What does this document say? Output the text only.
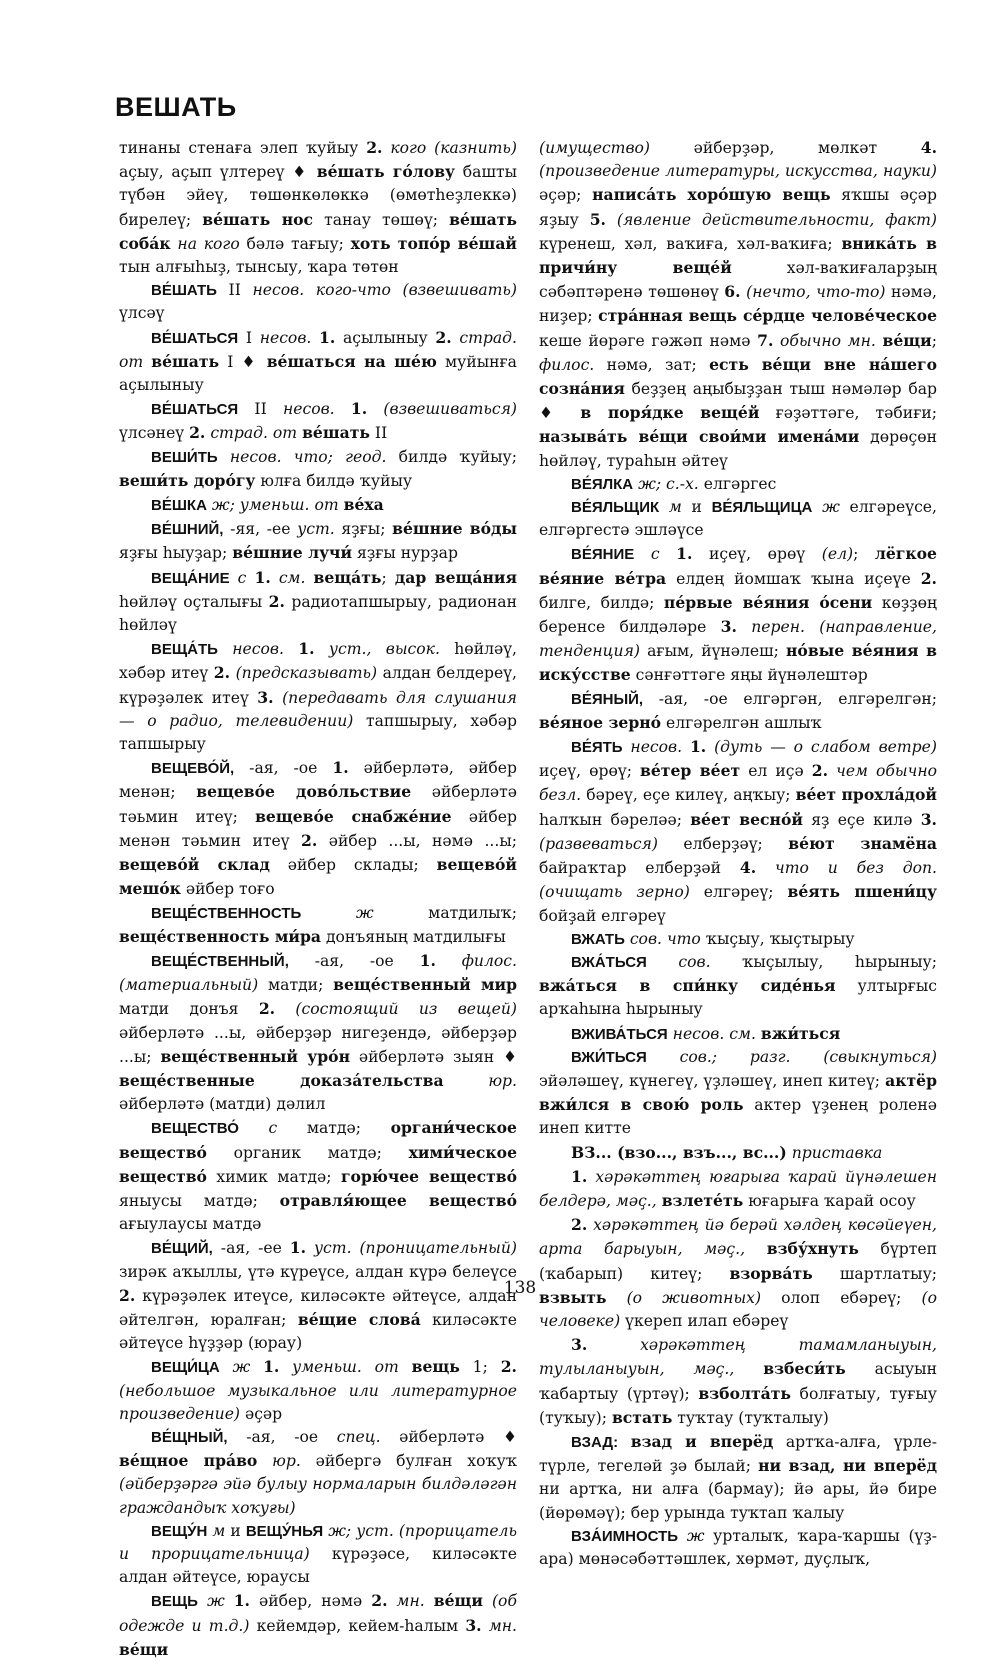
ВЕШАТЬ

тинаны стенаға элеп ҡуйыу 2. кого (казнить) аҫыу, аҫып үлтереү ♦ ве́шать го́лову башты түбән эйеү, төшөнкөлөккә (өмөтһеҙлеккә) бирелеү; ве́шать нос танау төшөү; ве́шать соба́к на кого бәлә тағыу; хоть топо́р ве́шай тын алғыһыҙ, тынсыу, ҡара төтөн

ВЕ́ШАТЬ II несов. кого-что (взвешивать) үлсәү

ВЕ́ШАТЬСЯ I несов. 1. аҫылыныу 2. страд. от ве́шать I ♦ ве́шаться на ше́ю муйынға аҫылыныу

ВЕ́ШАТЬСЯ II несов. 1. (взвешиваться) үлсәнеү 2. страд. от ве́шать II

ВЕШИ́ТЬ несов. что; геод. билдә ҡуйыу; веши́ть доро́гу юлға билдә ҡуйыу

ВЕ́ШКА ж; уменьш. от ве́ха

ВЕ́ШНИЙ, -яя, -ее уст. яҙғы; ве́шние во́ды яҙғы һыуҙар; ве́шние лучи́ яҙғы нурҙар

ВЕЩА́НИЕ с 1. см. веща́ть; дар веща́ния һөйләү оҫталығы 2. радиотапшырыу, радионан һөйләү

ВЕЩА́ТЬ несов. 1. уст., высок. һөйләү, хәбәр итеү 2. (предсказывать) алдан белдереү, күрәҙәлек итеү 3. (передавать для слушания — о радио, телевидении) тапшырыу, хәбәр тапшырыу

ВЕЩЕВО́Й, -ая, -ое 1. әйберләтә, әйбер менән; вещево́е дово́льствие әйберләтә тәьмин итеү; вещево́е снабже́ние әйбер менән тәьмин итеү 2. әйбер ...ы, нәмә ...ы; вещево́й склад әйбер склады; вещево́й мешо́к әйбер тоғо

ВЕЩЕ́СТВЕННОСТЬ	ж матдилыҡ; веще́ственность ми́ра донъяның матдилығы

ВЕЩЕ́СТВЕННЫЙ, -ая, -ое 1. филос. (материальный) матди; веще́ственный мир матди донъя 2. (состоящий из вещей) әйберләтә ...ы, әйберҙәр нигеҙендә, әйберҙәр ...ы; веще́ственный уро́н әйберләтә зыян ♦ веще́ственные доказа́тельства	юр. әйберләтә (матди) дәлил

ВЕЩЕСТВО́ с матдә; органи́ческое вещество́ органик матдә; хими́ческое вещество́ химик матдә; горю́чее вещество́ яныусы матдә; отравля́ющее вещество́ ағыулаусы матдә

ВЕ́ЩИЙ, -ая, -ее 1. уст. (проницательный) зирәк аҡыллы, үтә күреүсе, алдан күрә белеүсе 2. күрәҙәлек итеүсе, киләсәкте әйтеүсе, алдан әйтелгән, юралған; ве́щие слова́ киләсәкте әйтеүсе һүҙҙәр (юрау)

ВЕЩИ́ЦА ж 1. уменьш. от вещь 1; 2. (небольшое музыкальное или литературное произведение) әҫәр

ВЕ́ЩНЫЙ, -ая, -ое спец. әйберләтә ♦ ве́щное пра́во юр. әйбергә булған хоҡуҡ (әйберҙәргә эйә булыу нормаларын билдәләгән граждандыҡ хоҡуғы)

ВЕЩУ́Н м и ВЕЩУ́НЬЯ ж; уст. (прорицатель и прорицательница) күрәҙәсе, киләсәкте алдан әйтеүсе, юраусы

ВЕЩЬ ж 1. әйбер, нәмә 2. мн. ве́щи (об одежде и т.д.) кейемдәр, кейем-һалым 3. мн. ве́щи

(имущество) әйберҙәр, мөлкәт 4. (произведение литературы, искусства, науки) әҫәр; написа́ть хоро́шую вещь яҡшы әҫәр яҙыу 5. (явление действительности, факт) күренеш, хәл, ваҡиға, хәл-ваҡиға; вника́ть в причи́ну веще́й хәл-ваҡиғаларҙың сәбәптәренә төшөнөү 6. (нечто, что-то) нәмә, ниҙер; стра́нная вещь се́рдце челове́ческое кеше йөрәге гәжәп нәмә 7. обычно мн. ве́щи; филос. нәмә, зат; есть ве́щи вне на́шего созна́ния беҙҙең аңыбыҙҙан тыш нәмәләр бар ♦ в поря́дке веще́й ғәҙәттәге, тәбиғи; называ́ть ве́щи свои́ми имена́ми дөрөҫөн һөйләү, тураһын әйтеү

ВЕ́ЯЛКА ж; с.-х. елгәргес

ВЕ́ЯЛЬЩИК м и ВЕ́ЯЛЬЩИЦА ж елгәреүсе, елгәргестә эшләүсе

ВЕ́ЯНИЕ с 1. иҫеү, өрөү (ел); лёгкое ве́яние ве́тра елдең йомшаҡ ҡына иҫеүе 2. билге, билдә; пе́рвые ве́яния о́сени көҙҙөң беренсе билдәләре 3. перен. (направление, тенденция) ағым, йүнәлеш; но́вые ве́яния в иску́сстве сәнғәттәге яңы йүнәлештәр

ВЕ́ЯНЫЙ, -ая, -ое елгәргән, елгәрелгән; ве́яное зерно́ елгәрелгән ашлыҡ

ВЕ́ЯТЬ несов. 1. (дуть — о слабом ветре) иҫеү, өрөү; ве́тер ве́ет ел иҫә 2. чем обычно безл. бәреү, еҫе килеү, аңҡыу; ве́ет прохла́дой һалҡын бәреләә; ве́ет весно́й яҙ еҫе килә 3. (развеваться) елберҙәү; ве́ют знамёна байраҡтар елберҙәй 4. что и без доп. (очищать зерно) елгәреү; ве́ять пшени́цу бойҙай елгәреү

ВЖАТЬ сов. что ҡыҫыу, ҡыҫтырыу

ВЖА́ТЬСЯ сов. ҡыҫылыу, һырыныу; вжа́ться в спи́нку сиде́нья ултырғыс арҡаһына һырыныу

ВЖИВА́ТЬСЯ несов. см. вжи́ться

ВЖИ́ТЬСЯ сов.; разг. (свыкнуться) эйәләшеү, күнегеү, үҙләшеү, инеп китеү; актёр вжи́лся в свою́ роль актер үҙенең роленә инеп китте

ВЗ... (взо..., взъ..., вс...) приставка

1. хәрәкәттең юғарыға ҡарай йүнәлешен белдерә, мәҫ., взлете́ть юғарыға ҡарай осоу

2. хәрәкәттең йә берәй хәлдең көсәйеүен, арта барыуын, мәҫ., взбу́хнуть бүртеп (ҡабарып) китеү; взорва́ть шартлатыу; взвыть (о животных) олоп ебәреү; (о человеке) үкереп илап ебәреү

3.	хәрәкәттең тамамланыуын, тулыланыуын, мәҫ., взбеси́ть асыуын ҡабартыу (үртәү); взболта́ть болғатыу, туғыу (туҡыу); встать туҡтау (туҡталыу)

ВЗАД: взад и вперёд артҡа-алға, үрле-түрле, тегеләй ҙә былай; ни взад, ни вперёд ни артҡа, ни алға (бармау); йә ары, йә бире (йөрөмәү); бер урында туҡтап ҡалыу

ВЗА́ИМНОСТЬ ж урталыҡ, ҡара-ҡаршы (үҙ-ара) мөнәсәбәттәшлек, хөрмәт, дуҫлыҡ,

138
